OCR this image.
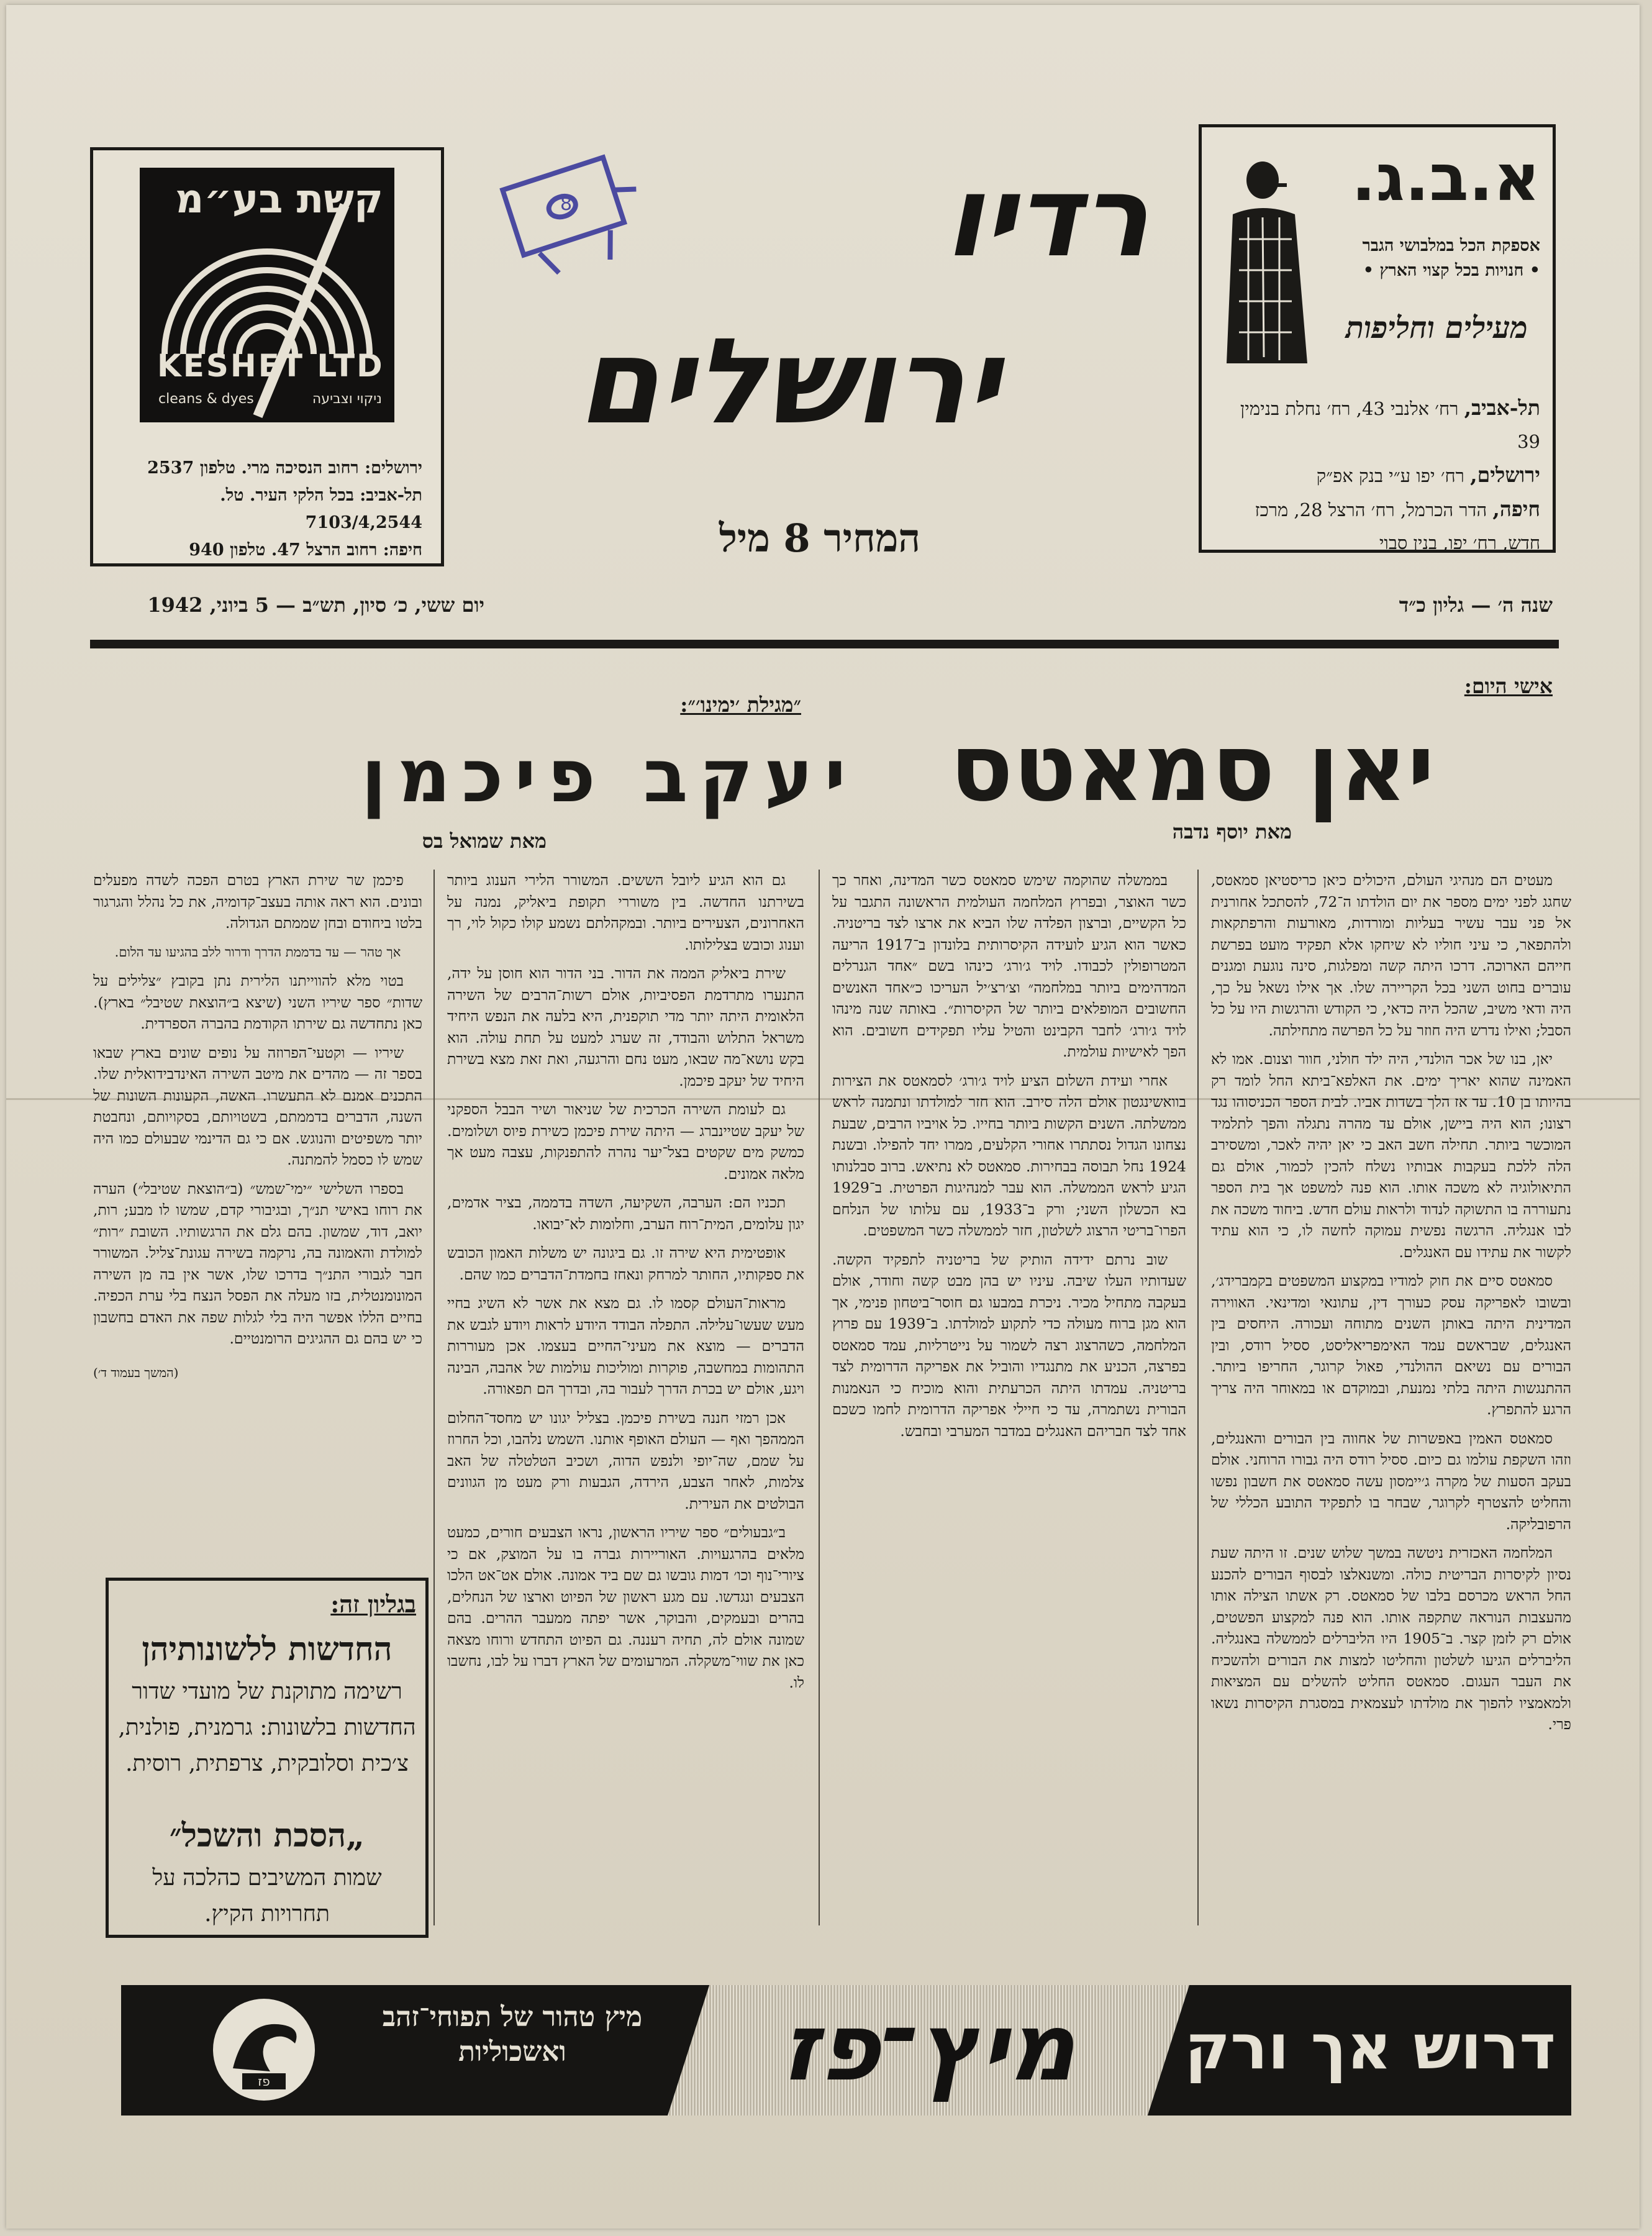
קשת בע״מ
KESHET LTD
cleans & dyes	ניקוי וצביעה
ירושלים: רחוב הנסיכה מרי. טלפון 2537
תל-אביב: בכל הלקי העיר. טל. 7103/4,2544
חיפה: רחוב הרצל 47. טלפון 940
8	רדיו
ירושלים
המחיר 8 מיל
א.ב.ג.
אספקת הכל במלבושי הגבר
• חנויות בכל קצוי הארץ •
מעילים וחליפות
תל-אביב, רח׳ אלנבי 43, רח׳ נחלת בנימין 39
ירושלים, רח׳ יפו ע״י בנק אפ״ק
חיפה, הדר הכרמל, רח׳ הרצל 28, מרכז חדש, רח׳ יפו, בנין סבוי
יום ששי, כ׳ סיון, תש״ב — 5 ביוני, 1942	שנה ה׳ — גליון כ״ד
אישי היום:
יאן סמאטס
מאת יוסף נדבה
״מגילת ׳ימינו׳״:
יעקב פיכמן
מאת שמואל בס

מעטים הם מנהיגי העולם, היכולים כיאן כריסטיאן סמאטס, שחגג לפני ימים מספר את יום הולדתו ה־72, להסתכל אחורנית אל פני עבר עשיר בעליות ומורדות, מאורעות והרפתקאות ולהתפאר, כי עיני חוליו לא שיחקו אלא תפקיד מועט בפרשת חייהם הארוכה. דרכו היתה קשה ומפלגות, סינה נוגעת ומגנים עוברים בחוט השני בכל הקריירה שלו. אך אילו נשאל על כך, היה ודאי משיב, שהכל היה כדאי, כי הקודש והרגשות היו על כל הסבל; ואילו נדרש היה חוזר על כל הפרשה מתחילתה.

יאן, בנו של אכר הולנדי, היה ילד חולני, חוור וצנום. אמו לא האמינה שהוא יאריך ימים. את האלפא־ביתא החל לומד רק בהיותו בן 10. עד אז הלך בשדות אביו. לבית הספר הכניסוהו נגד רצונו; הוא היה ביישן, אולם עד מהרה נתגלה והפך לתלמיד המוכשר ביותר. תחילה חשב האב כי יאן יהיה לאכר, ומשסירב הלה ללכת בעקבות אבותיו נשלח להכין לכמור, אולם גם התיאולוגיה לא משכה אותו. הוא פנה למשפט אך בית הספר נתעוררה בו התשוקה לנדוד ולראות עולם חדש. ביחוד משכה את לבו אנגליה. הרגשה נפשית עמוקה לחשה לו, כי הוא עתיד לקשור את עתידו עם האנגלים.

סמאטס סיים את חוק למודיו במקצוע המשפטים בקמברידג׳, ובשובו לאפריקה עסק כעורך דין, עתונאי ומדינאי. האווירה המדינית היתה באותן השנים מתוחה ועכורה. היחסים בין האנגלים, שבראשם עמד האימפריאליסט, ססיל רודס, ובין הבורים עם נשיאם ההולנדי, פאול קרוגר, החריפו ביותר. ההתנגשות היתה בלתי נמנעת, ובמוקדם או במאוחר היה צריך הרגע להתפרץ.

סמאטס האמין באפשרות של אחווה בין הבורים והאנגלים, וזהו השקפת עולמו גם כיום. ססיל רודס היה גבורו הרוחני. אולם בעקב הסעות של מקרה ג׳יימסון עשה סמאטס את חשבון נפשו והחליט להצטרף לקרוגר, שבחר בו לתפקיד התובע הכללי של הרפובליקה.

המלחמה האכזרית ניטשה במשך שלוש שנים. זו היתה שעת נסיון לקיסרות הבריטית כולה. ומשנאלצו לבסוף הבורים להכנע החל הראש מכרסם בלבו של סמאטס. רק אשתו הצילה אותו מהעצבות הנוראה שתקפה אותו. הוא פנה למקצוע הפשטים, אולם רק לזמן קצר. ב־1905 היו הליברלים לממשלה באנגליה. הליברלים הגיעו לשלטון והחליטו למצות את הבורים ולהשכיח את העבר העגום. סמאטס החליט להשלים עם המציאות ולמאמציו להפוך את מולדתו לעצמאית במסגרת הקיסרות נשאו פרי.

בממשלה שהוקמה שימש סמאטס כשר המדינה, ואחר כך כשר האוצר, ובפרוץ המלחמה העולמית הראשונה התגבר על כל הקשיים, וברצון הפלדה שלו הביא את ארצו לצד בריטניה. כאשר הוא הגיע לועידה הקיסרותית בלונדון ב־1917 הריעה המטרופולין לכבודו. לויד ג׳ורג׳ כינהו בשם ״אחד הגנרלים המדהימים ביותר במלחמה״ וצ׳רצ׳יל העריכו כ״אחד האנשים החשובים המופלאים ביותר של הקיסרות״. באותה שנה מינהו לויד ג׳ורג׳ לחבר הקבינט והטיל עליו תפקידים חשובים. הוא הפך לאישיות עולמית.

אחרי ועידת השלום הציע לויד ג׳ורג׳ לסמאטס את הצירות בוואשינגטון אולם הלה סירב. הוא חזר למולדתו ונתמנה לראש ממשלתה. השנים הקשות ביותר בחייו. כל אויביו הרבים, שבעת נצחונו הגדול נסתתרו אחורי הקלעים, ממרו יחד להפילו. ובשנת 1924 נחל תבוסה בבחירות. סמאטס לא נתיאש. ברוב סבלנותו הגיע לראש הממשלה. הוא עבר למנהיגות הפרטית. ב־1929 בא הכשלון השני; ורק ב־1933, עם עלותו של הנלחם הפרו־בריטי הרצוג לשלטון, חזר לממשלה כשר המשפטים.

שוב נרתם ידידה הותיק של בריטניה לתפקיד הקשה. שעדותיו העלו שיבה. עיניו יש בהן מבט קשה וחודר, אולם בעקבה מתחיל מכיר. ניכרת במבעו גם חוסר־ביטחון פנימי, אך הוא מגן ברוח מעולה כדי לתקוע למולדתו. ב־1939 עם פרוץ המלחמה, כשהרצוג רצה לשמור על נייטרליות, עמד סמאטס בפרצה, הכניע את מתנגדיו והוביל את אפריקה הדרומית לצד בריטניה. עמדתו היתה הכרעתית והוא מוכיח כי הנאמנות הבורית נשתמרה, עד כי חיילי אפריקה הדרומית לחמו כשכם אחד לצד חבריהם האנגלים במדבר המערבי ובחבש.

גם הוא הגיע ליובל הששים. המשורר הלירי הענוג ביותר בשירתנו החדשה. בין משוררי תקופת ביאליק, נמנה על האחרונים, הצעירים ביותר. ובמקהלתם נשמע קולו כקול לוי, רך וענוג וכובש בצלילותו.

שירת ביאליק הממה את הדור. בני הדור הוא חוסן על ידה, התנערו מתרדמת הפסיביות, אולם רשות־הרבים של השירה הלאומית היתה יותר מדי תוקפנית, היא בלעה את הנפש היחיד משראל התלוש והבודד, זה שערג למעט על תחת עולה. הוא בקש נושא־מה שבאו, מעט נחם והרגעה, ואת זאת מצא בשירת היחיד של יעקב פיכמן.

גם לעומת השירה הכרכית של שניאור ושיר הבבל הספקני של יעקב שטיינברג — היתה שירת פיכמן כשירת פיוס ושלומים. כמשק מים שקטים בצל־יער נהרה להתפנקות, עצבה מעט אך מלאה אמונים.

תכניו הם: הערבה, השקיעה, השדה בדממה, בציר אדמים, יגון עלומים, המית־רוח הערב, וחלומות לא־יבואו.

אופטימית היא שירה זו. גם ביגונה יש משלות האמון הכובש את ספקותיו, החותר למרחק ונאחז בחמדת־הדברים כמו שהם.

מראות־העולם קסמו לו. גם מצא את אשר לא השיג בחיי מעש שעשו־עלילה. התפלה הבודד היודע לראות ויודע לגבש את הדברים — מוצא את מעיני־החיים בעצמו. אכן מעוררות התהומות במחשבה, פוקרות ומוליכות עולמות של אהבה, הבינה ויגע, אולם יש בכרת הדרך לעבור בה, ובדרך הם תפאורה.

אכן רמזי חננה בשירת פיכמן. בצליל יגונו יש מחסד־החלום הממהפך ואף — העולם האופף אותנו. השמש נלהבו, וכל החרוז על שמם, שה־יופי ולנפש הדוה, ושכיב הטלטלה של האב צלמות, לאחר הצבע, הירדה, הגבעות ורק מעט מן הגוונים הבולטים את העירית.

ב״גבעולים״ ספר שיריו הראשון, נראו הצבעים חורים, כמעט מלאים בהרגעויות. האוריירות גברה בו על המוצק, אם כי ציורי־נוף וכו׳ דמות גובשו גם שם ביד אמונה. אולם אט־אט הלכו הצבעים ונגדשו. עם מגע ראשון של הפיוט וארצו של הנחלים, בהרים ובעמקים, והבוקר, אשר יפתה ממעבר ההרים. בהם שמונה אולם לה, תחיה רעננה. גם הפיוט התחדש ורוחו מצאה כאן את שווי־משקלה. המרעומים של הארץ דברו על לבו, נחשבו לו.

פיכמן שר שירת הארץ בטרם הפכה לשדה מפעלים ובונים. הוא ראה אותה בעצב־קדומיה, את כל נהלל והגרגור בלטו ביחודם ובחן שממתם הגדולה.

אך טהר — עד בדממת הדרך ודרור ללב בהגיעו עד הלום.

בטוי מלא להווייתנו הלירית נתן בקובץ ״צלילים על שדות״ ספר שיריו השני (שיצא ב״הוצאת שטיבל״ בארץ). כאן נתחדשה גם שירתו הקודמת בהברה הספרדית.

שיריו — וקטעי־הפרוזה על נופים שונים בארץ שבאו בספר זה — מהדים את מיטב השירה האינדבידואלית שלו. התכנים אמנם לא התעשרו. האשה, הקעונות השונות של השנה, הדברים בדממתם, בשטויותם, בסקויותם, ונחבטת יותר משפיטים והנוגש. אם כי גם הדינמי שבעולם כמו היה שמש לו כסמל להמתנה.

בספרו השלישי ״ימי־שמש״ (ב״הוצאת שטיבל״) הערה את רוחו באישי תנ״ך, ובגיבורי קדם, שמשו לו מבע; רות, יואב, דוד, שמשון. בהם גלם את הרגשותיו. השובת ״רות״ למולדת והאמונה בה, נרקמה בשירה עגונת־צליל. המשורר חבר לגבורי התנ״ך בדרכו שלו, אשר אין בה מן השירה המונומנטלית, בזו מעלה את הפסל הנצח בלי ערת הכפיה. בחיים הללו אפשר היה בלי לגלות שפה את האדם בחשבון כי יש בהם גם ההגיגים הרומנטיים.

(המשך בעמוד ד׳)

בגליון זה:
החדשות ללשונותיהן
רשימה מתוקנת של מועדי שדור החדשות בלשונות: גרמנית, פולנית, צ׳כית וסלובקית, צרפתית, רוסית.
„הסכת והשכל״
שמות המשיבים כהלכה על תחרויות הקיץ.
פז
מיץ טהור של תפוחי־זהב ואשכוליות	מיץ־פז	דרוש אך ורק
